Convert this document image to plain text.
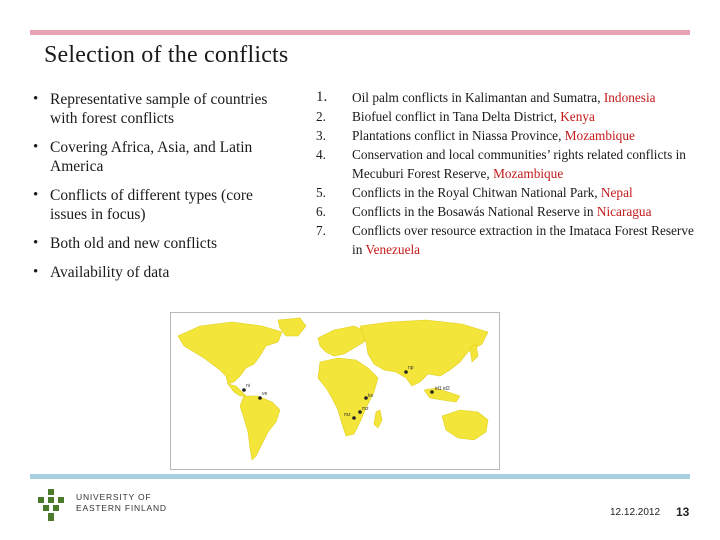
Selection of the conflicts
• Representative sample of countries with forest conflicts
• Covering Africa, Asia, and Latin America
• Conflicts of different types (core issues in focus)
• Both old and new conflicts
• Availability of data
1.	Oil palm conflicts in Kalimantan and Sumatra, Indonesia
2.	Biofuel conflict in Tana Delta District, Kenya
3.	Plantations conflict in Niassa Province, Mozambique
4.	Conservation and local communities’ rights related conflicts in Mecuburi Forest Reserve, Mozambique
5.	Conflicts in the Royal Chitwan National Park, Nepal
6.	Conflicts in the Bosawás National Reserve in Nicaragua
7.	Conflicts over resource extraction in the Imataca Forest Reserve in Venezuela
ni
ve	ke
mz
mz
np
id1 id2
UNIVERSITY OF
EASTERN FINLAND	12.12.2012 13
